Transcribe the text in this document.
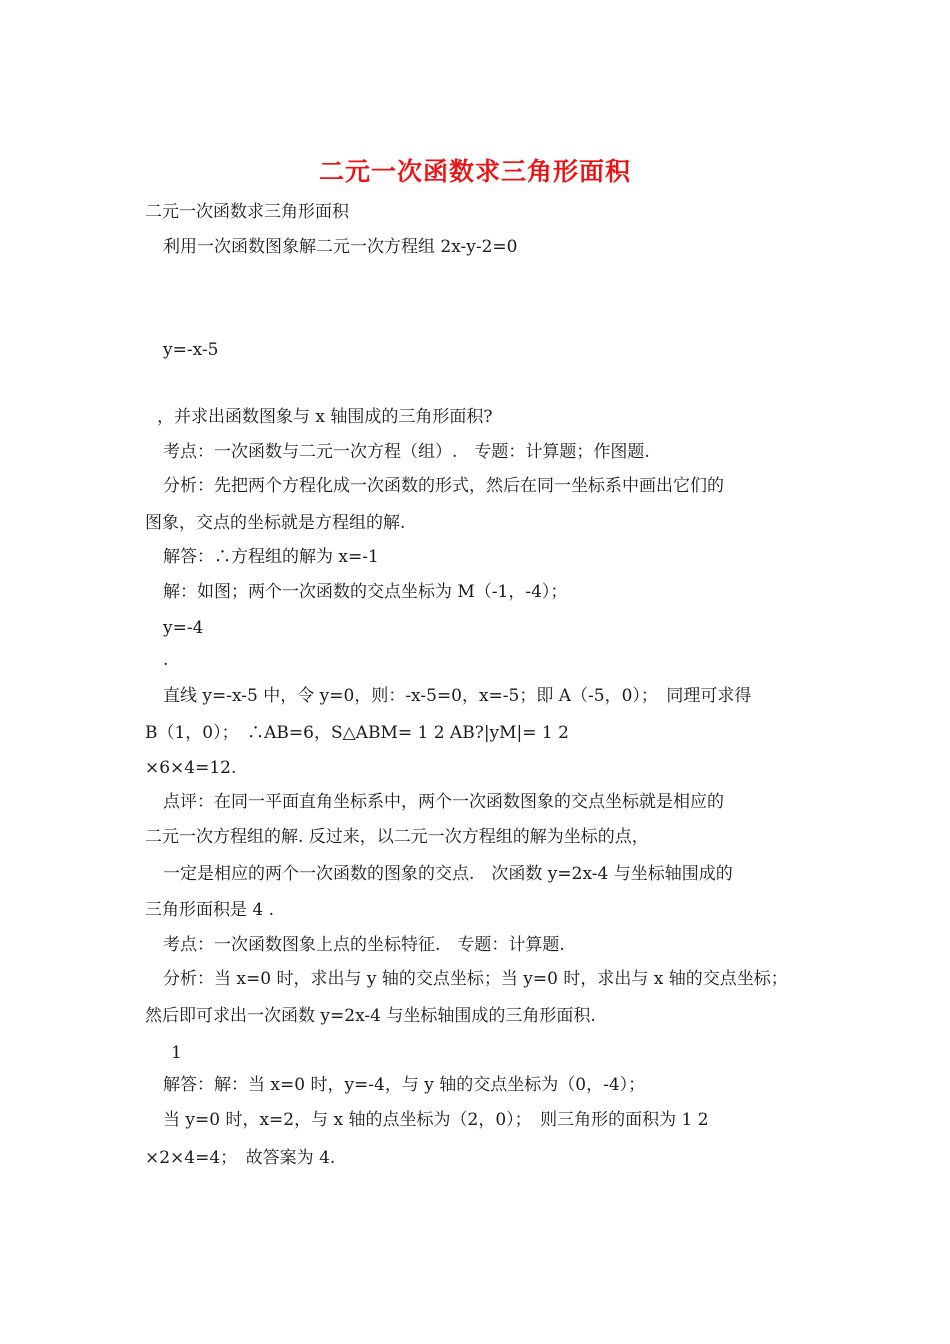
二元一次函数求三角形面积
二元一次函数求三角形面积
利用一次函数图象解二元一次方程组 2x-y-2=0
y=-x-5
，并求出函数图象与 x 轴围成的三角形面积?
考点：一次函数与二元一次方程（组）.　专题：计算题；作图题.
分析：先把两个方程化成一次函数的形式，然后在同一坐标系中画出它们的
图象，交点的坐标就是方程组的解.
解答：∴方程组的解为 x=-1
解：如图；两个一次函数的交点坐标为 M（-1，-4）；
y=-4
.
直线 y=-x-5 中，令 y=0，则：-x-5=0，x=-5；即 A（-5，0）；　同理可求得
B（1，0）；　∴AB=6，S△ABM= 1 2 AB?|yM|= 1 2
×6×4=12.
点评：在同一平面直角坐标系中，两个一次函数图象的交点坐标就是相应的
二元一次方程组的解. 反过来，以二元一次方程组的解为坐标的点，
一定是相应的两个一次函数的图象的交点.　次函数 y=2x-4 与坐标轴围成的
三角形面积是 4 .
考点：一次函数图象上点的坐标特征.　专题：计算题.
分析：当 x=0 时，求出与 y 轴的交点坐标；当 y=0 时，求出与 x 轴的交点坐标；
然后即可求出一次函数 y=2x-4 与坐标轴围成的三角形面积.
1
解答：解：当 x=0 时，y=-4，与 y 轴的交点坐标为（0，-4）；
当 y=0 时，x=2，与 x 轴的点坐标为（2，0）；　则三角形的面积为 1 2
×2×4=4；　故答案为 4.
